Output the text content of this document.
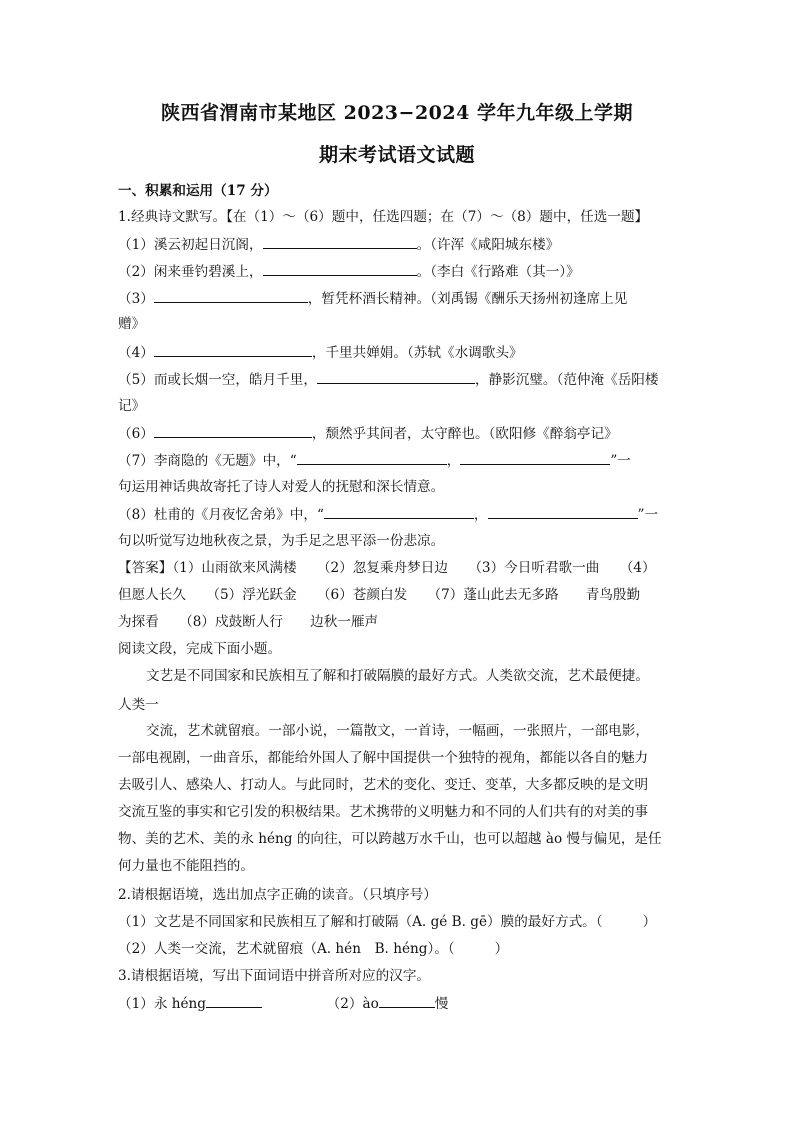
陕西省渭南市某地区 2023−2024 学年九年级上学期
期末考试语文试题
一、积累和运用（17 分）
1.经典诗文默写。【在（1）～（6）题中，任选四题；在（7）～（8）题中，任选一题】
（1）溪云初起日沉阁，	。（许浑《咸阳城东楼》
（2）闲来垂钓碧溪上，	。（李白《行路难（其一）》
（3）	，暂凭杯酒长精神。（刘禹锡《酬乐天扬州初逢席上见
赠》
（4）	，千里共婵娟。（苏轼《水调歌头》
（5）而或长烟一空，皓月千里，	，静影沉璧。（范仲淹《岳阳楼
记》
（6）	，颓然乎其间者，太守醉也。（欧阳修《醉翁亭记》
（7）李商隐的《无题》中，“	，	”一
句运用神话典故寄托了诗人对爱人的抚慰和深长情意。
（8）杜甫的《月夜忆舍弟》中，“	，	”一
句以听觉写边地秋夜之景，为手足之思平添一份悲凉。
【答案】（1）山雨欲来风满楼　　（2）忽复乘舟梦日边　　（3）今日听君歌一曲　　（4）
但愿人长久　　（5）浮光跃金　　（6）苍颜白发　　（7）蓬山此去无多路　　青鸟殷勤
为探看　　（8）戍鼓断人行　　边秋一雁声
阅读文段，完成下面小题。
文艺是不同国家和民族相互了解和打破隔膜的最好方式。人类欲交流，艺术最便捷。
人类一
交流，艺术就留痕。一部小说，一篇散文，一首诗，一幅画，一张照片，一部电影，
一部电视剧，一曲音乐，都能给外国人了解中国提供一个独特的视角，都能以各自的魅力
去吸引人、感染人、打动人。与此同时，艺术的变化、变迁、变革，大多都反映的是文明
交流互鉴的事实和它引发的积极结果。艺术携带的义明魅力和不同的人们共有的对美的事
物、美的艺术、美的永 héng 的向往，可以跨越万水千山，也可以超越 ào 慢与偏见，是任
何力量也不能阻挡的。
2.请根据语境，选出加点字正确的读音。（只填序号）
（1）文艺是不同国家和民族相互了解和打破隔（A. gé B. gē）膜的最好方式。（	）
（2）人类一交流，艺术就留痕（A. hén　B. héng）。（	）
3.请根据语境，写出下面词语中拼音所对应的汉字。
（1）永 héng	（2）ào	慢
